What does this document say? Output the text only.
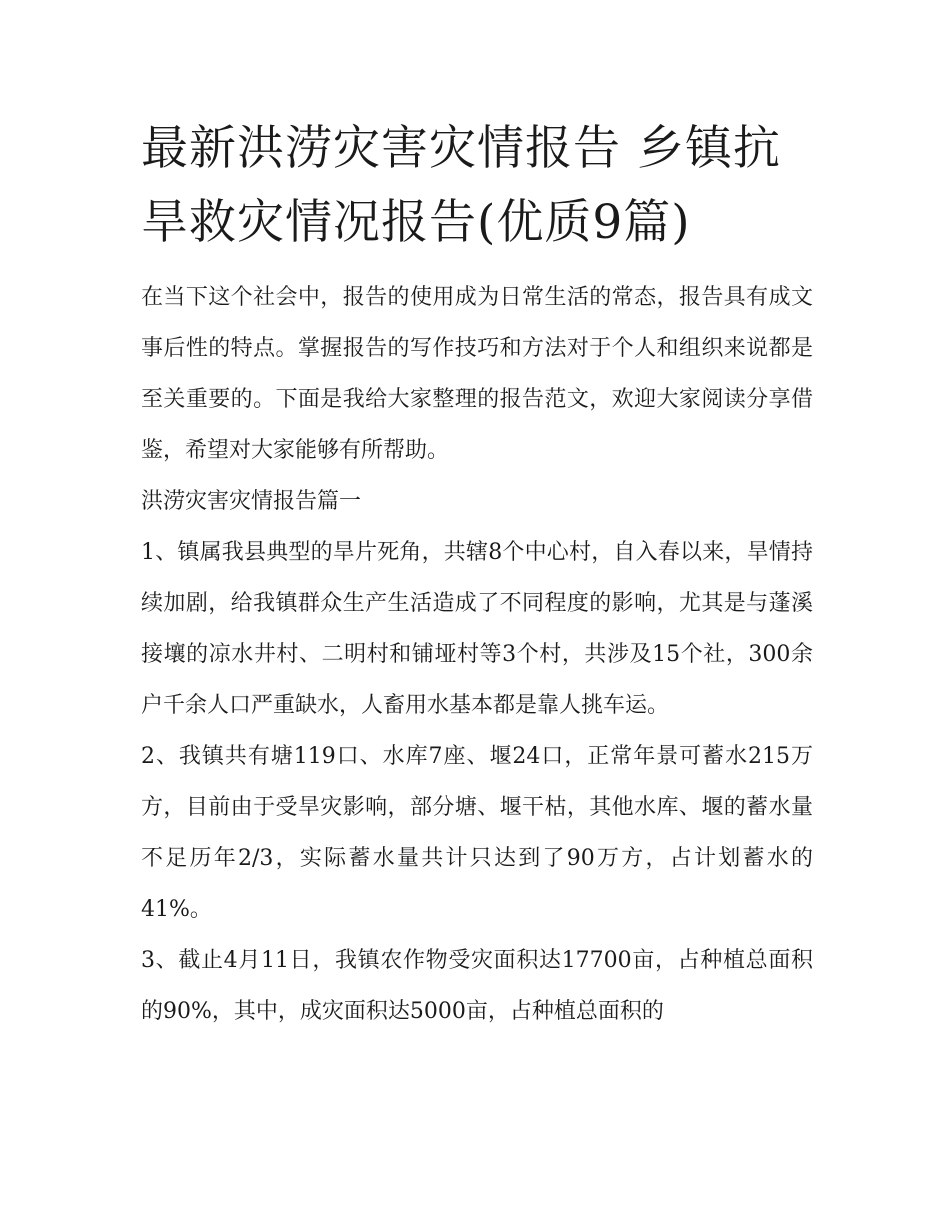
最新洪涝灾害灾情报告 乡镇抗旱救灾情况报告(优质9篇)

在当下这个社会中，报告的使用成为日常生活的常态，报告具有成文事后性的特点。掌握报告的写作技巧和方法对于个人和组织来说都是至关重要的。下面是我给大家整理的报告范文，欢迎大家阅读分享借鉴，希望对大家能够有所帮助。

洪涝灾害灾情报告篇一

1、镇属我县典型的旱片死角，共辖8个中心村，自入春以来，旱情持续加剧，给我镇群众生产生活造成了不同程度的影响，尤其是与蓬溪接壤的凉水井村、二明村和铺垭村等3个村，共涉及15个社，300余户千余人口严重缺水，人畜用水基本都是靠人挑车运。

2、我镇共有塘119口、水库7座、堰24口，正常年景可蓄水215万方，目前由于受旱灾影响，部分塘、堰干枯，其他水库、堰的蓄水量不足历年2/3，实际蓄水量共计只达到了90万方，占计划蓄水的41%。

3、截止4月11日，我镇农作物受灾面积达17700亩，占种植总面积的90%，其中，成灾面积达5000亩，占种植总面积的
